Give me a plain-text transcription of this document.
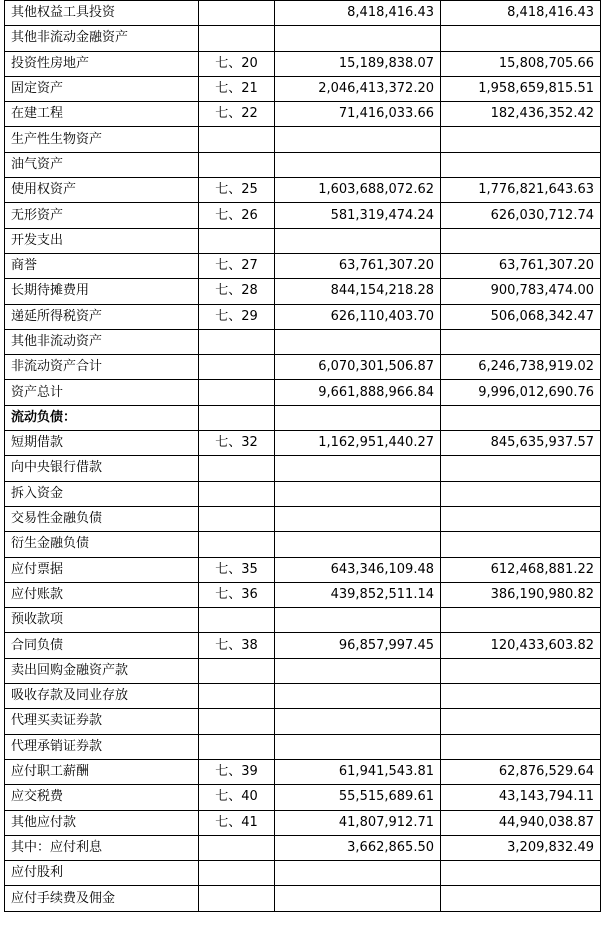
其他权益工具投资		8,418,416.43	8,418,416.43
其他非流动金融资产			
投资性房地产	七、20	15,189,838.07	15,808,705.66
固定资产	七、21	2,046,413,372.20	1,958,659,815.51
在建工程	七、22	71,416,033.66	182,436,352.42
生产性生物资产			
油气资产			
使用权资产	七、25	1,603,688,072.62	1,776,821,643.63
无形资产	七、26	581,319,474.24	626,030,712.74
开发支出			
商誉	七、27	63,761,307.20	63,761,307.20
长期待摊费用	七、28	844,154,218.28	900,783,474.00
递延所得税资产	七、29	626,110,403.70	506,068,342.47
其他非流动资产			
非流动资产合计		6,070,301,506.87	6,246,738,919.02
资产总计		9,661,888,966.84	9,996,012,690.76
流动负债：			
短期借款	七、32	1,162,951,440.27	845,635,937.57
向中央银行借款			
拆入资金			
交易性金融负债			
衍生金融负债			
应付票据	七、35	643,346,109.48	612,468,881.22
应付账款	七、36	439,852,511.14	386,190,980.82
预收款项			
合同负债	七、38	96,857,997.45	120,433,603.82
卖出回购金融资产款			
吸收存款及同业存放			
代理买卖证券款			
代理承销证券款			
应付职工薪酬	七、39	61,941,543.81	62,876,529.64
应交税费	七、40	55,515,689.61	43,143,794.11
其他应付款	七、41	41,807,912.71	44,940,038.87
其中：应付利息		3,662,865.50	3,209,832.49
应付股利			
应付手续费及佣金			
